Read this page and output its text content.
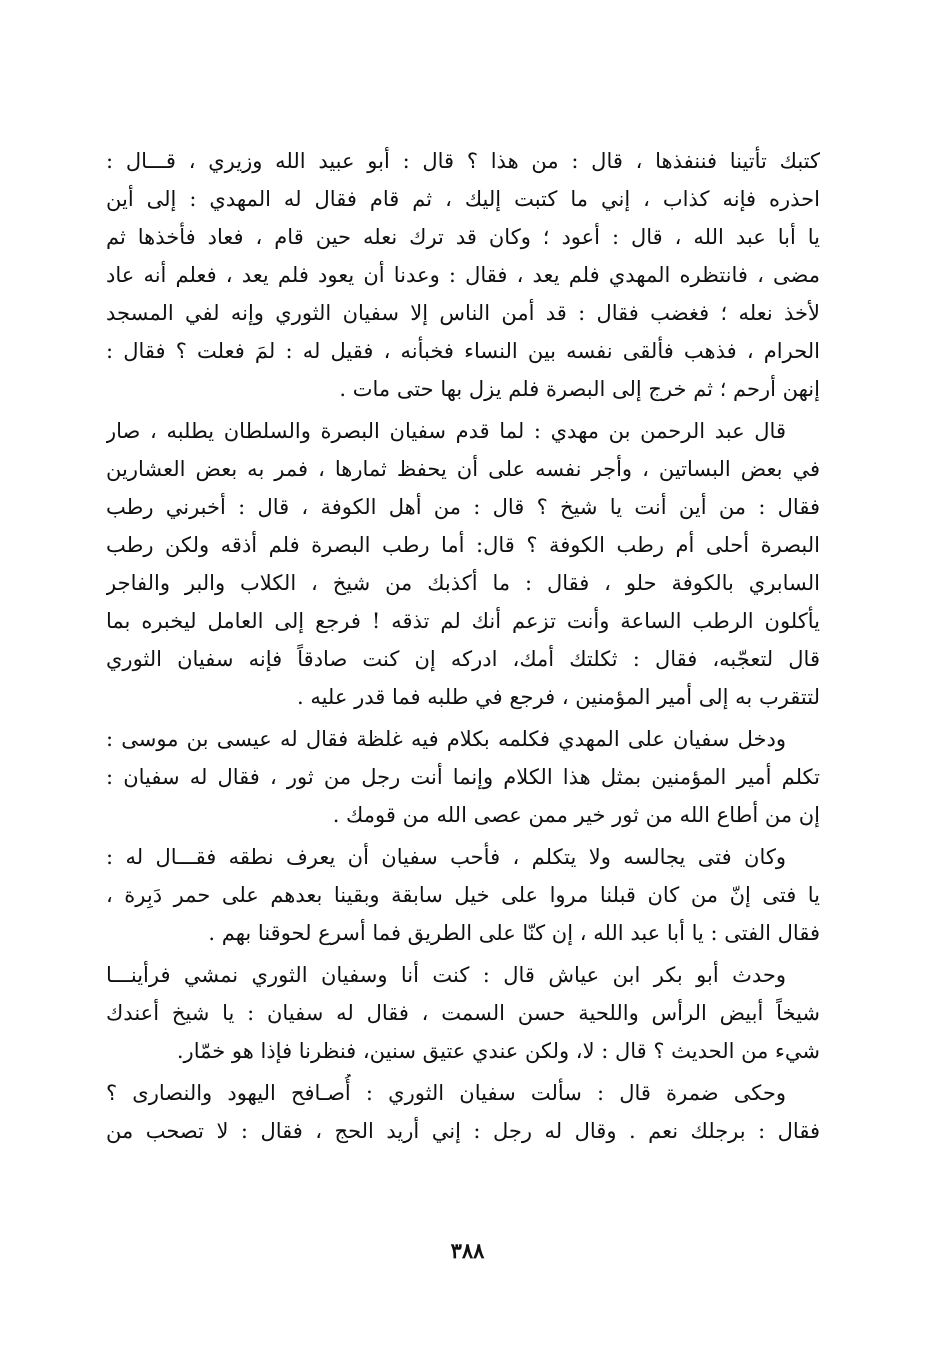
كتبك تأتينا فننفذها ، قال : من هذا ؟ قال : أبو عبيد الله وزيري ، قـــال :
احذره فإنه كذاب ، إني ما كتبت إليك ، ثم قام فقال له المهدي : إلى أين
يا أبا عبد الله ، قال : أعود ؛ وكان قد ترك نعله حين قام ، فعاد فأخذها ثم
مضى ، فانتظره المهدي فلم يعد ، فقال : وعدنا أن يعود فلم يعد ، فعلم أنه عاد
لأخذ نعله ؛ فغضب فقال : قد أمن الناس إلا سفيان الثوري وإنه لفي المسجد
الحرام ، فذهب فألقى نفسه بين النساء فخبأنه ، فقيل له : لمَ فعلت ؟ فقال :
إنهن أرحم ؛ ثم خرج إلى البصرة فلم يزل بها حتى مات .
قال عبد الرحمن بن مهدي : لما قدم سفيان البصرة والسلطان يطلبه ، صار
في بعض البساتين ، وأجر نفسه على أن يحفظ ثمارها ، فمر به بعض العشارين
فقال : من أين أنت يا شيخ ؟ قال : من أهل الكوفة ، قال : أخبرني رطب
البصرة أحلى أم رطب الكوفة ؟ قال: أما رطب البصرة فلم أذقه ولكن رطب
السابري بالكوفة حلو ، فقال : ما أكذبك من شيخ ، الكلاب والبر والفاجر
يأكلون الرطب الساعة وأنت تزعم أنك لم تذقه ! فرجع إلى العامل ليخبره بما
قال لتعجّبه، فقال : ثكلتك أمك، ادركه إن كنت صادقاً فإنه سفيان الثوري
لتتقرب به إلى أمير المؤمنين ، فرجع في طلبه فما قدر عليه .
ودخل سفيان على المهدي فكلمه بكلام فيه غلظة فقال له عيسى بن موسى :
تكلم أمير المؤمنين بمثل هذا الكلام وإنما أنت رجل من ثور ، فقال له سفيان :
إن من أطاع الله من ثور خير ممن عصى الله من قومك .
وكان فتى يجالسه ولا يتكلم ، فأحب سفيان أن يعرف نطقه فقـــال له :
يا فتى إنّ من كان قبلنا مروا على خيل سابقة وبقينا بعدهم على حمر دَبِرة ،
فقال الفتى : يا أبا عبد الله ، إن كنّا على الطريق فما أسرع لحوقنا بهم .
وحدث أبو بكر ابن عياش قال : كنت أنا وسفيان الثوري نمشي فرأينـــا
شيخاً أبيض الرأس واللحية حسن السمت ، فقال له سفيان : يا شيخ أعندك
شيء من الحديث ؟ قال : لا، ولكن عندي عتيق سنين، فنظرنا فإذا هو خمّار.
وحكى ضمرة قال : سألت سفيان الثوري : أُصـافح اليهود والنصارى ؟
فقال : برجلك نعم . وقال له رجل : إني أريد الحج ، فقال : لا تصحب من
٣٨٨
